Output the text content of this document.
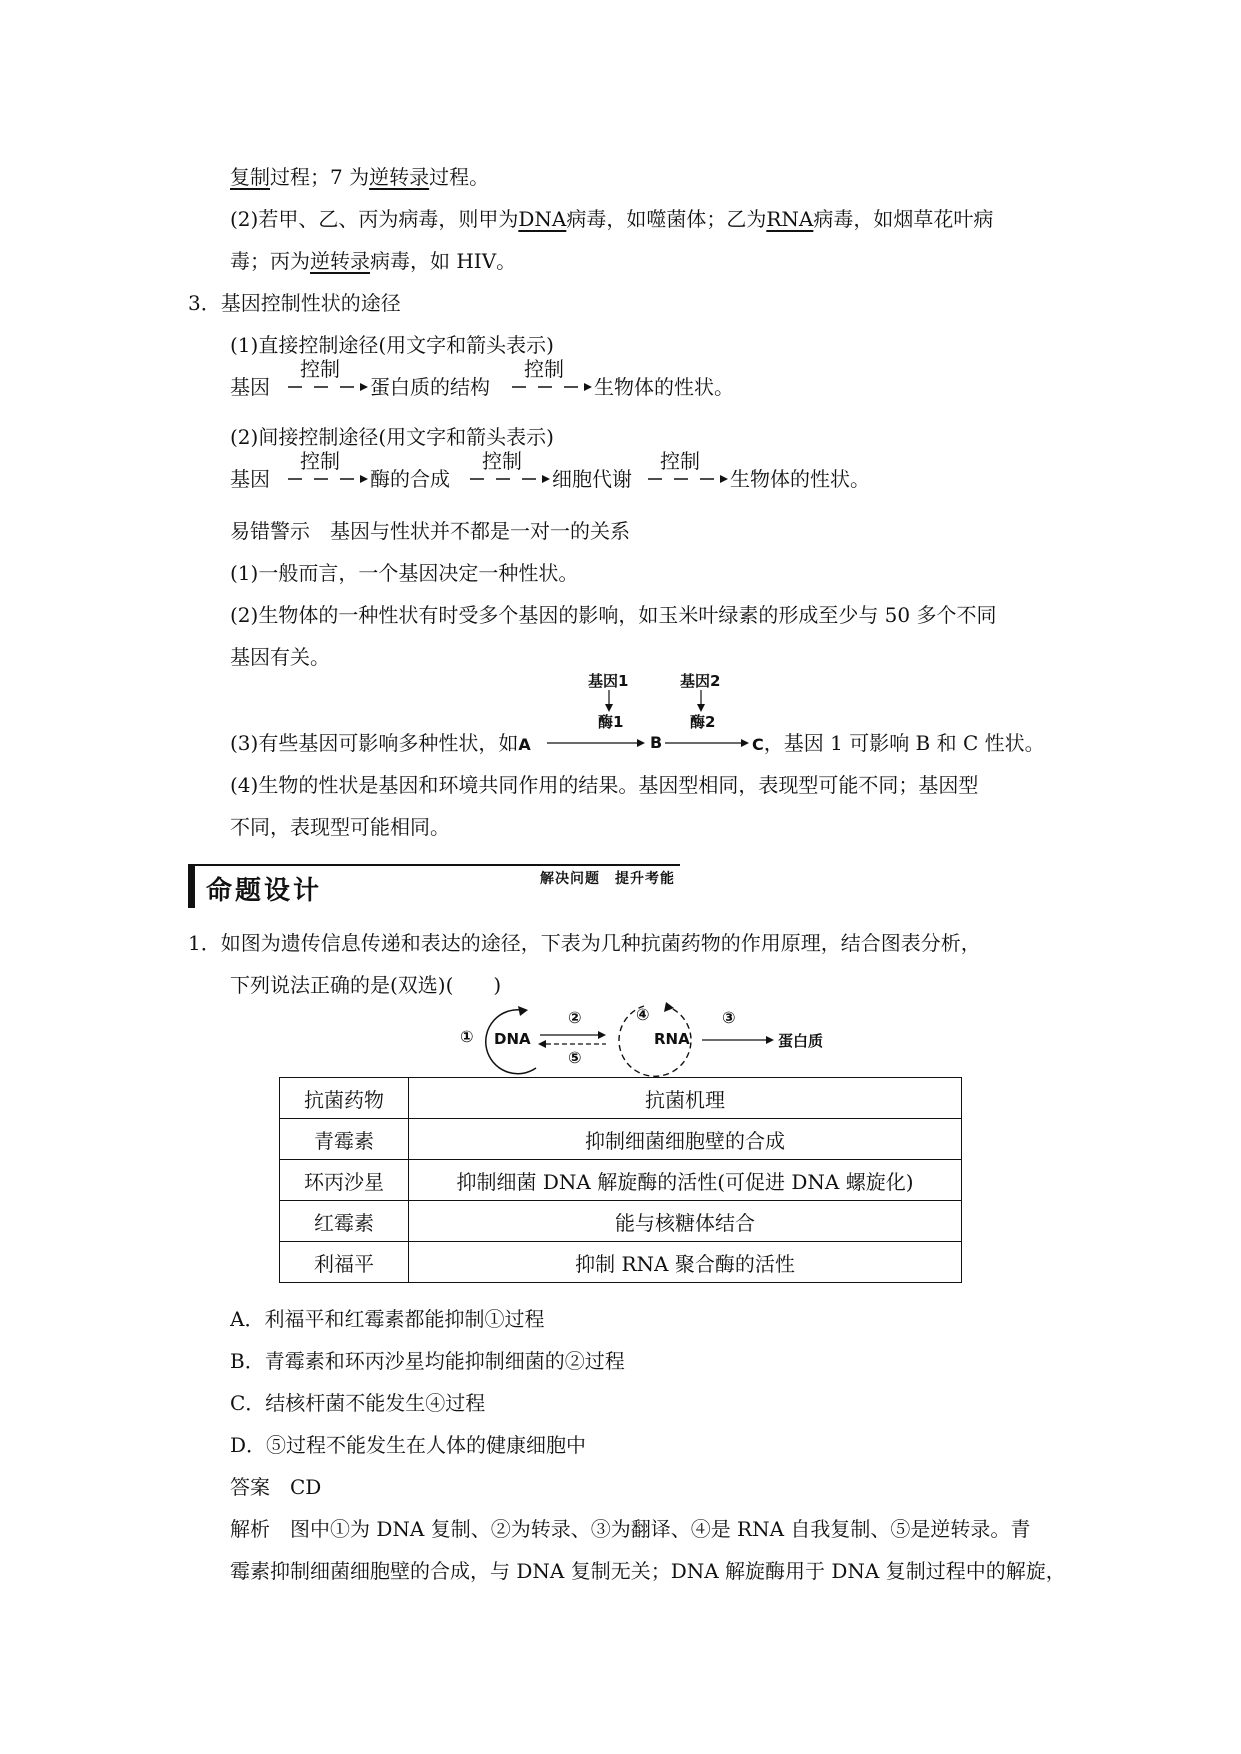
复制过程；7 为逆转录过程。
(2)若甲、乙、丙为病毒，则甲为DNA病毒，如噬菌体；乙为RNA病毒，如烟草花叶病
毒；丙为逆转录病毒，如 HIV。
3．基因控制性状的途径
(1)直接控制途径(用文字和箭头表示)
基因
控制
蛋白质的结构
控制
生物体的性状。
(2)间接控制途径(用文字和箭头表示)
基因
控制
酶的合成
控制
细胞代谢
控制
生物体的性状。
易错警示　基因与性状并不都是一对一的关系
(1)一般而言，一个基因决定一种性状。
(2)生物体的一种性状有时受多个基因的影响，如玉米叶绿素的形成至少与 50 多个不同
基因有关。
基因1	基因2
酶1	酶2
(3)有些基因可影响多种性状，如A	B	C，基因 1 可影响 B 和 C 性状。
(4)生物的性状是基因和环境共同作用的结果。基因型相同，表现型可能不同；基因型
不同，表现型可能相同。
命题设计	解决问题　提升考能
1．如图为遗传信息传递和表达的途径，下表为几种抗菌药物的作用原理，结合图表分析，
下列说法正确的是(双选)(　　)
① DNA
②
⑤
④
RNA
③
蛋白质
抗菌药物	抗菌机理
青霉素	抑制细菌细胞壁的合成
环丙沙星	抑制细菌 DNA 解旋酶的活性(可促进 DNA 螺旋化)
红霉素	能与核糖体结合
利福平	抑制 RNA 聚合酶的活性
A．利福平和红霉素都能抑制①过程
B．青霉素和环丙沙星均能抑制细菌的②过程
C．结核杆菌不能发生④过程
D．⑤过程不能发生在人体的健康细胞中
答案　CD
解析　图中①为 DNA 复制、②为转录、③为翻译、④是 RNA 自我复制、⑤是逆转录。青
霉素抑制细菌细胞壁的合成，与 DNA 复制无关；DNA 解旋酶用于 DNA 复制过程中的解旋，
